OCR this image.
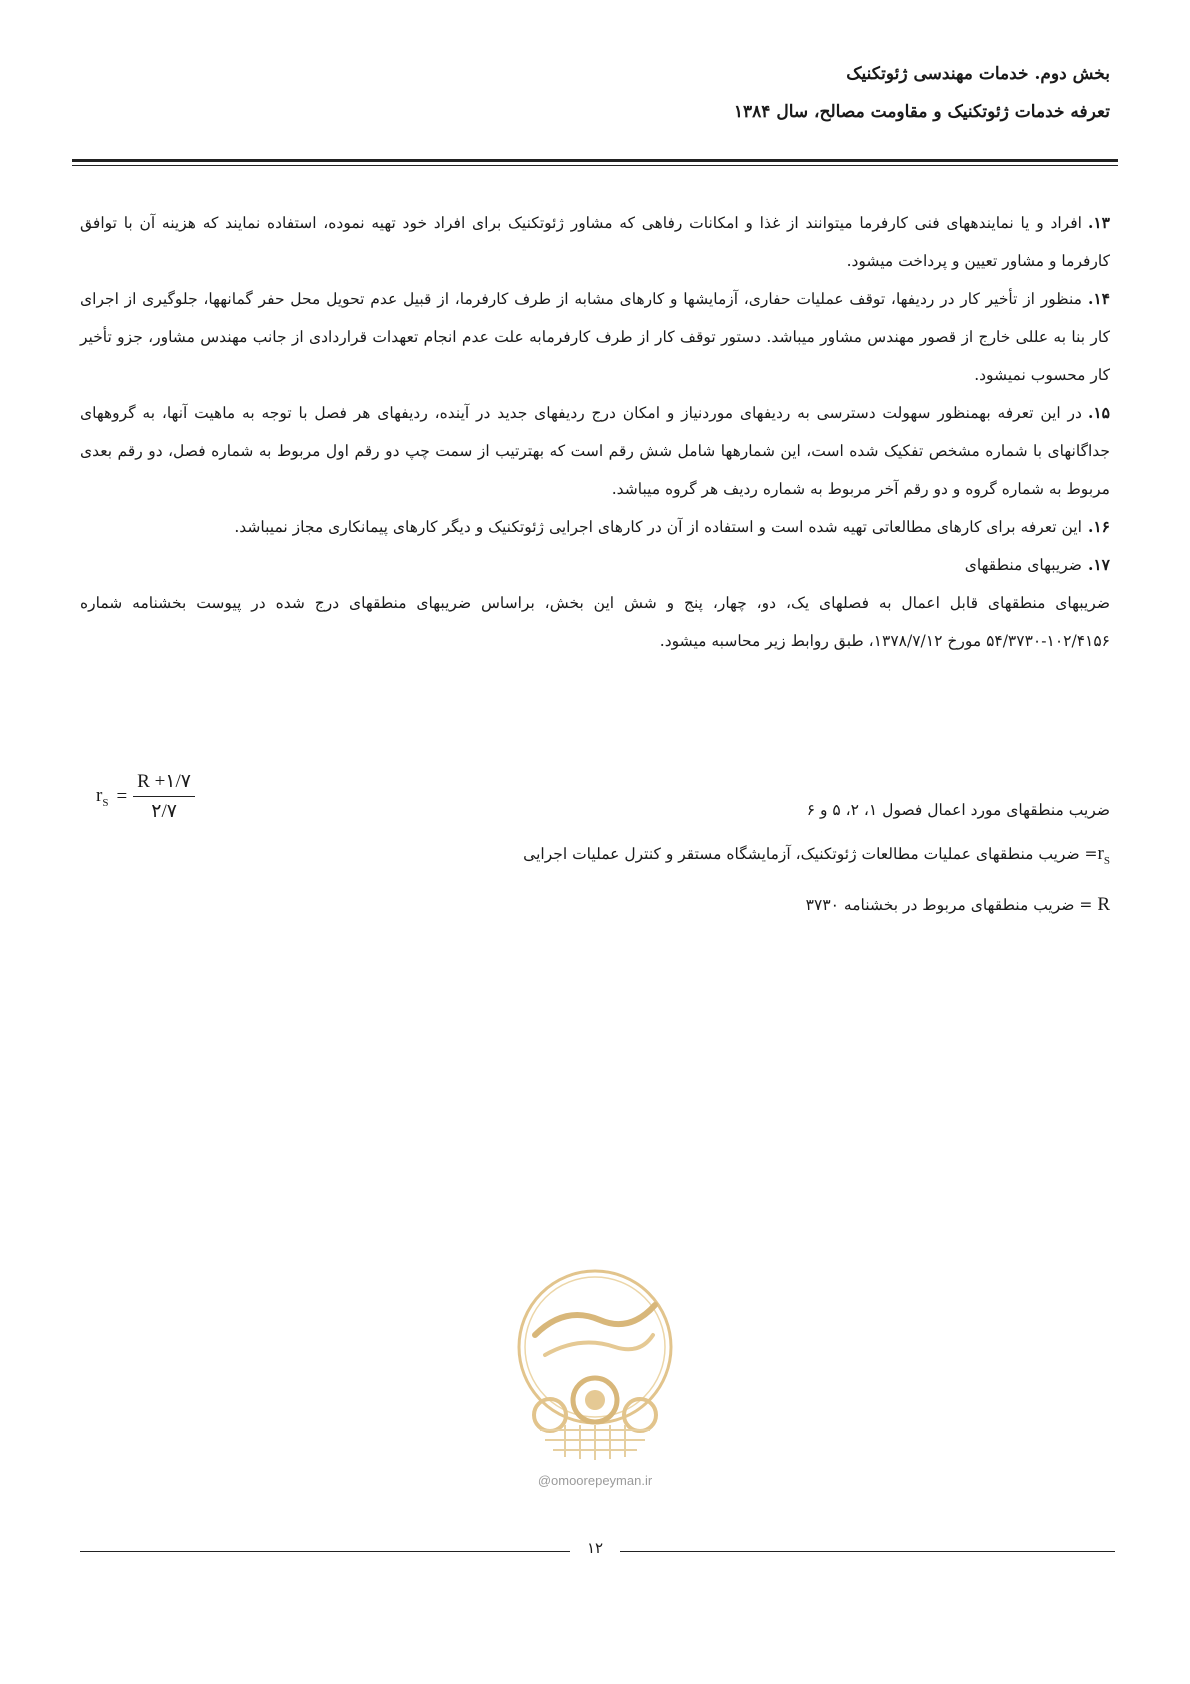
بخش دوم. خدمات مهندسی ژئوتکنیک
تعرفه خدمات ژئوتکنیک و مقاومت مصالح، سال ۱۳۸۴

۱۳.افراد و یا نمایندههای فنی کارفرما میتوانند از غذا و امکانات رفاهی که مشاور ژئوتکنیک برای افراد خود تهیه نموده، استفاده نمایند که هزینه آن با توافق کارفرما و مشاور تعیین و پرداخت میشود.

۱۴.منظور از تأخیر کار در ردیفها، توقف عملیات حفاری، آزمایشها و کارهای مشابه از طرف کارفرما، از قبیل عدم تحویل محل حفر گمانهها، جلوگیری از اجرای کار بنا به عللی خارج از قصور مهندس مشاور میباشد. دستور توقف کار از طرف کارفرمابه علت عدم انجام تعهدات قراردادی از جانب مهندس مشاور، جزو تأخیر کار محسوب نمیشود.

۱۵.در این تعرفه بهمنظور سهولت دسترسی به ردیفهای موردنیاز و امکان درج ردیفهای جدید در آینده، ردیفهای هر فصل با توجه به ماهیت آنها، به گروههای جداگانهای با شماره مشخص تفکیک شده است، این شمارهها شامل شش رقم است که بهترتیب از سمت چپ دو رقم اول مربوط به شماره فصل، دو رقم بعدی مربوط به شماره گروه و دو رقم آخر مربوط به شماره ردیف هر گروه میباشد.

۱۶.این تعرفه برای کارهای مطالعاتی تهیه شده است و استفاده از آن در کارهای اجرایی ژئوتکنیک و دیگر کارهای پیمانکاری مجاز نمیباشد.

۱۷.ضریبهای منطقهای

ضریبهای منطقهای قابل اعمال به فصلهای یک، دو، چهار، پنج و شش این بخش، براساس ضریبهای منطقهای درج شده در پیوست بخشنامه شماره ۱۰۲/۴۱۵۶-۵۴/۳۷۳۰ مورخ ۱۳۷۸/۷/۱۲، طبق روابط زیر محاسبه میشود.

$r_S = \frac{R +۱/۷}{۲/۷}$	ضریب منطقهای مورد اعمال فصول ۱، ۲، ۵ و ۶
$r_S=$ ضریب منطقهای عملیات مطالعات ژئوتکنیک، آزمایشگاه مستقر و کنترل عملیات اجرایی
R = ضریب منطقهای مربوط در بخشنامه ۳۷۳۰
@omoorepeyman.ir
۱۲
